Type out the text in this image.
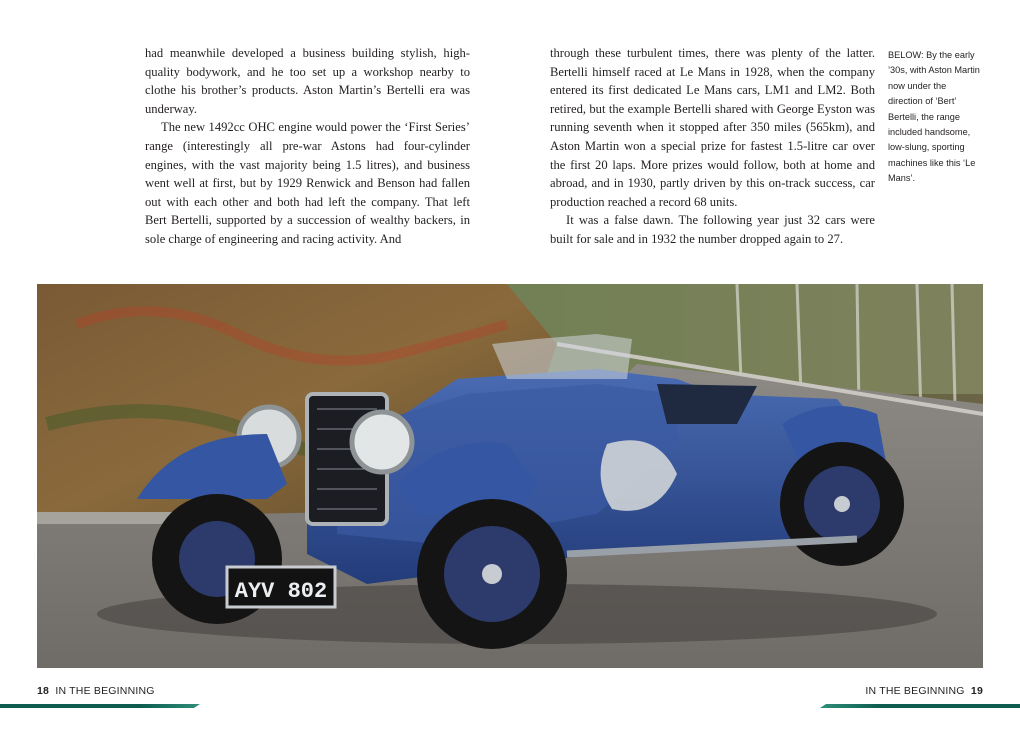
had meanwhile developed a business building stylish, high-quality bodywork, and he too set up a workshop nearby to clothe his brother’s products. Aston Martin’s Bertelli era was underway.

The new 1492cc OHC engine would power the ‘First Series’ range (interestingly all pre-war Astons had four-cylinder engines, with the vast majority being 1.5 litres), and business went well at first, but by 1929 Renwick and Benson had fallen out with each other and both had left the company. That left Bert Bertelli, supported by a succession of wealthy backers, in sole charge of engineering and racing activity. And

through these turbulent times, there was plenty of the latter. Bertelli himself raced at Le Mans in 1928, when the company entered its first dedicated Le Mans cars, LM1 and LM2. Both retired, but the example Bertelli shared with George Eyston was running seventh when it stopped after 350 miles (565km), and Aston Martin won a special prize for fastest 1.5-litre car over the first 20 laps. More prizes would follow, both at home and abroad, and in 1930, partly driven by this on-track success, car production reached a record 68 units.

It was a false dawn. The following year just 32 cars were built for sale and in 1932 the number dropped again to 27.

BELOW: By the early ’30s, with Aston Martin now under the direction of ‘Bert’ Bertelli, the range included handsome, low-slung, sporting machines like this ‘Le Mans’.
AYV 802
18 IN THE BEGINNING	IN THE BEGINNING 19
